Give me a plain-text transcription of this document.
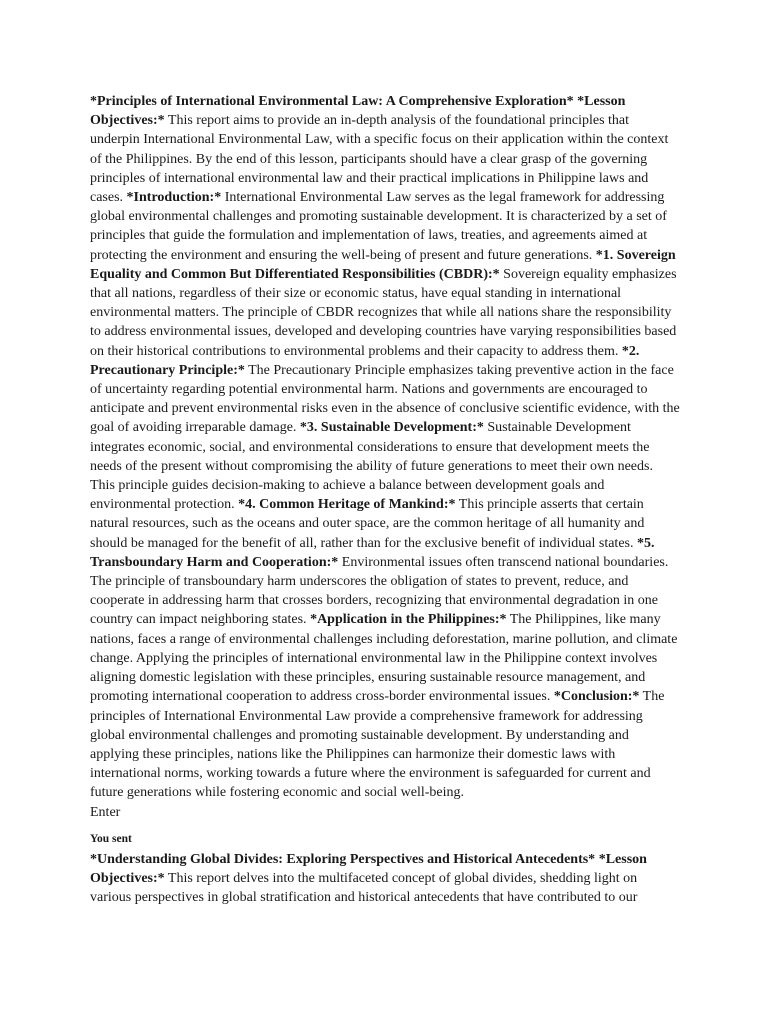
*Principles of International Environmental Law: A Comprehensive Exploration* *Lesson Objectives:* This report aims to provide an in-depth analysis of the foundational principles that underpin International Environmental Law, with a specific focus on their application within the context of the Philippines. By the end of this lesson, participants should have a clear grasp of the governing principles of international environmental law and their practical implications in Philippine laws and cases. *Introduction:* International Environmental Law serves as the legal framework for addressing global environmental challenges and promoting sustainable development. It is characterized by a set of principles that guide the formulation and implementation of laws, treaties, and agreements aimed at protecting the environment and ensuring the well-being of present and future generations. *1. Sovereign Equality and Common But Differentiated Responsibilities (CBDR):* Sovereign equality emphasizes that all nations, regardless of their size or economic status, have equal standing in international environmental matters. The principle of CBDR recognizes that while all nations share the responsibility to address environmental issues, developed and developing countries have varying responsibilities based on their historical contributions to environmental problems and their capacity to address them. *2. Precautionary Principle:* The Precautionary Principle emphasizes taking preventive action in the face of uncertainty regarding potential environmental harm. Nations and governments are encouraged to anticipate and prevent environmental risks even in the absence of conclusive scientific evidence, with the goal of avoiding irreparable damage. *3. Sustainable Development:* Sustainable Development integrates economic, social, and environmental considerations to ensure that development meets the needs of the present without compromising the ability of future generations to meet their own needs. This principle guides decision-making to achieve a balance between development goals and environmental protection. *4. Common Heritage of Mankind:* This principle asserts that certain natural resources, such as the oceans and outer space, are the common heritage of all humanity and should be managed for the benefit of all, rather than for the exclusive benefit of individual states. *5. Transboundary Harm and Cooperation:* Environmental issues often transcend national boundaries. The principle of transboundary harm underscores the obligation of states to prevent, reduce, and cooperate in addressing harm that crosses borders, recognizing that environmental degradation in one country can impact neighboring states. *Application in the Philippines:* The Philippines, like many nations, faces a range of environmental challenges including deforestation, marine pollution, and climate change. Applying the principles of international environmental law in the Philippine context involves aligning domestic legislation with these principles, ensuring sustainable resource management, and promoting international cooperation to address cross-border environmental issues. *Conclusion:* The principles of International Environmental Law provide a comprehensive framework for addressing global environmental challenges and promoting sustainable development. By understanding and applying these principles, nations like the Philippines can harmonize their domestic laws with international norms, working towards a future where the environment is safeguarded for current and future generations while fostering economic and social well-being.

Enter

You sent

*Understanding Global Divides: Exploring Perspectives and Historical Antecedents* *Lesson Objectives:* This report delves into the multifaceted concept of global divides, shedding light on various perspectives in global stratification and historical antecedents that have contributed to our
